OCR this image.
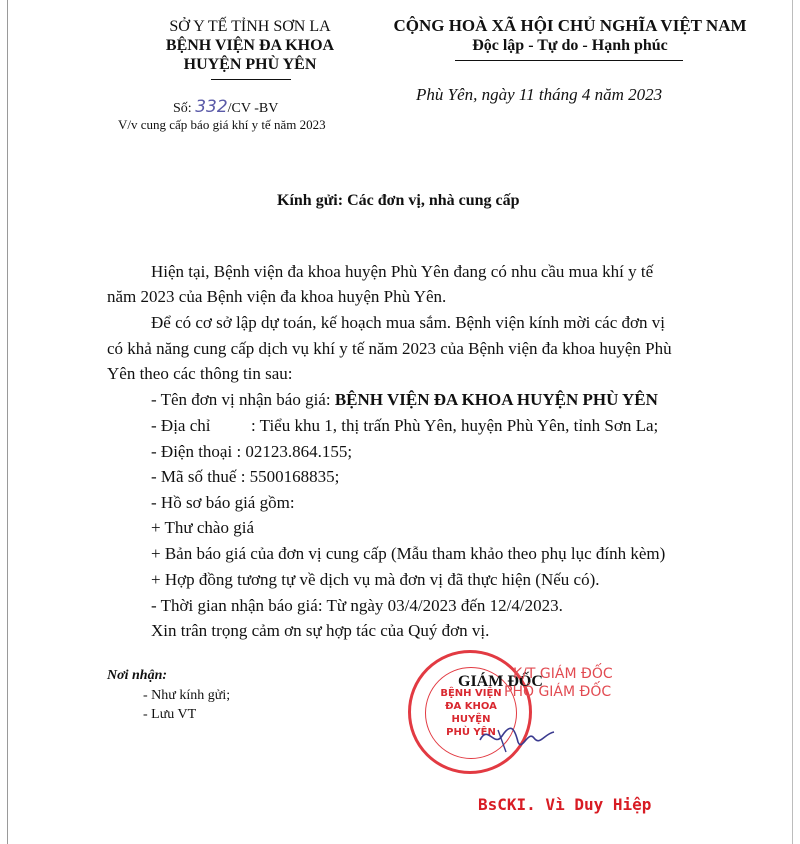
SỞ Y TẾ TỈNH SƠN LA
BỆNH VIỆN ĐA KHOA
HUYỆN PHÙ YÊN
Số: 332/CV -BV
V/v cung cấp báo giá khí y tế năm 2023
CỘNG HOÀ XÃ HỘI CHỦ NGHĨA VIỆT NAM
Độc lập - Tự do - Hạnh phúc
Phù Yên, ngày 11 tháng 4 năm 2023
Kính gửi: Các đơn vị, nhà cung cấp
Hiện tại, Bệnh viện đa khoa huyện Phù Yên đang có nhu cầu mua khí y tế
năm 2023 của Bệnh viện đa khoa huyện Phù Yên.
Để có cơ sở lập dự toán, kế hoạch mua sắm. Bệnh viện kính mời các đơn vị
có khả năng cung cấp dịch vụ khí y tế năm 2023 của Bệnh viện đa khoa huyện Phù
Yên theo các thông tin sau:
- Tên đơn vị nhận báo giá: BỆNH VIỆN ĐA KHOA HUYỆN PHÙ YÊN
- Địa chỉ : Tiểu khu 1, thị trấn Phù Yên, huyện Phù Yên, tỉnh Sơn La;
- Điện thoại : 02123.864.155;
- Mã số thuế : 5500168835;
- Hồ sơ báo giá gồm:
+ Thư chào giá
+ Bản báo giá của đơn vị cung cấp (Mẫu tham khảo theo phụ lục đính kèm)
+ Hợp đồng tương tự về dịch vụ mà đơn vị đã thực hiện (Nếu có).
- Thời gian nhận báo giá: Từ ngày 03/4/2023 đến 12/4/2023.
Xin trân trọng cảm ơn sự hợp tác của Quý đơn vị.
Nơi nhận:
- Như kính gửi;
- Lưu VT
BỆNH VIỆN
ĐA KHOA
HUYỆN
PHÙ YÊN
GIÁM ĐỐC
K/T GIÁM ĐỐC
PHÓ GIÁM ĐỐC
BsCKI. Vì Duy Hiệp
